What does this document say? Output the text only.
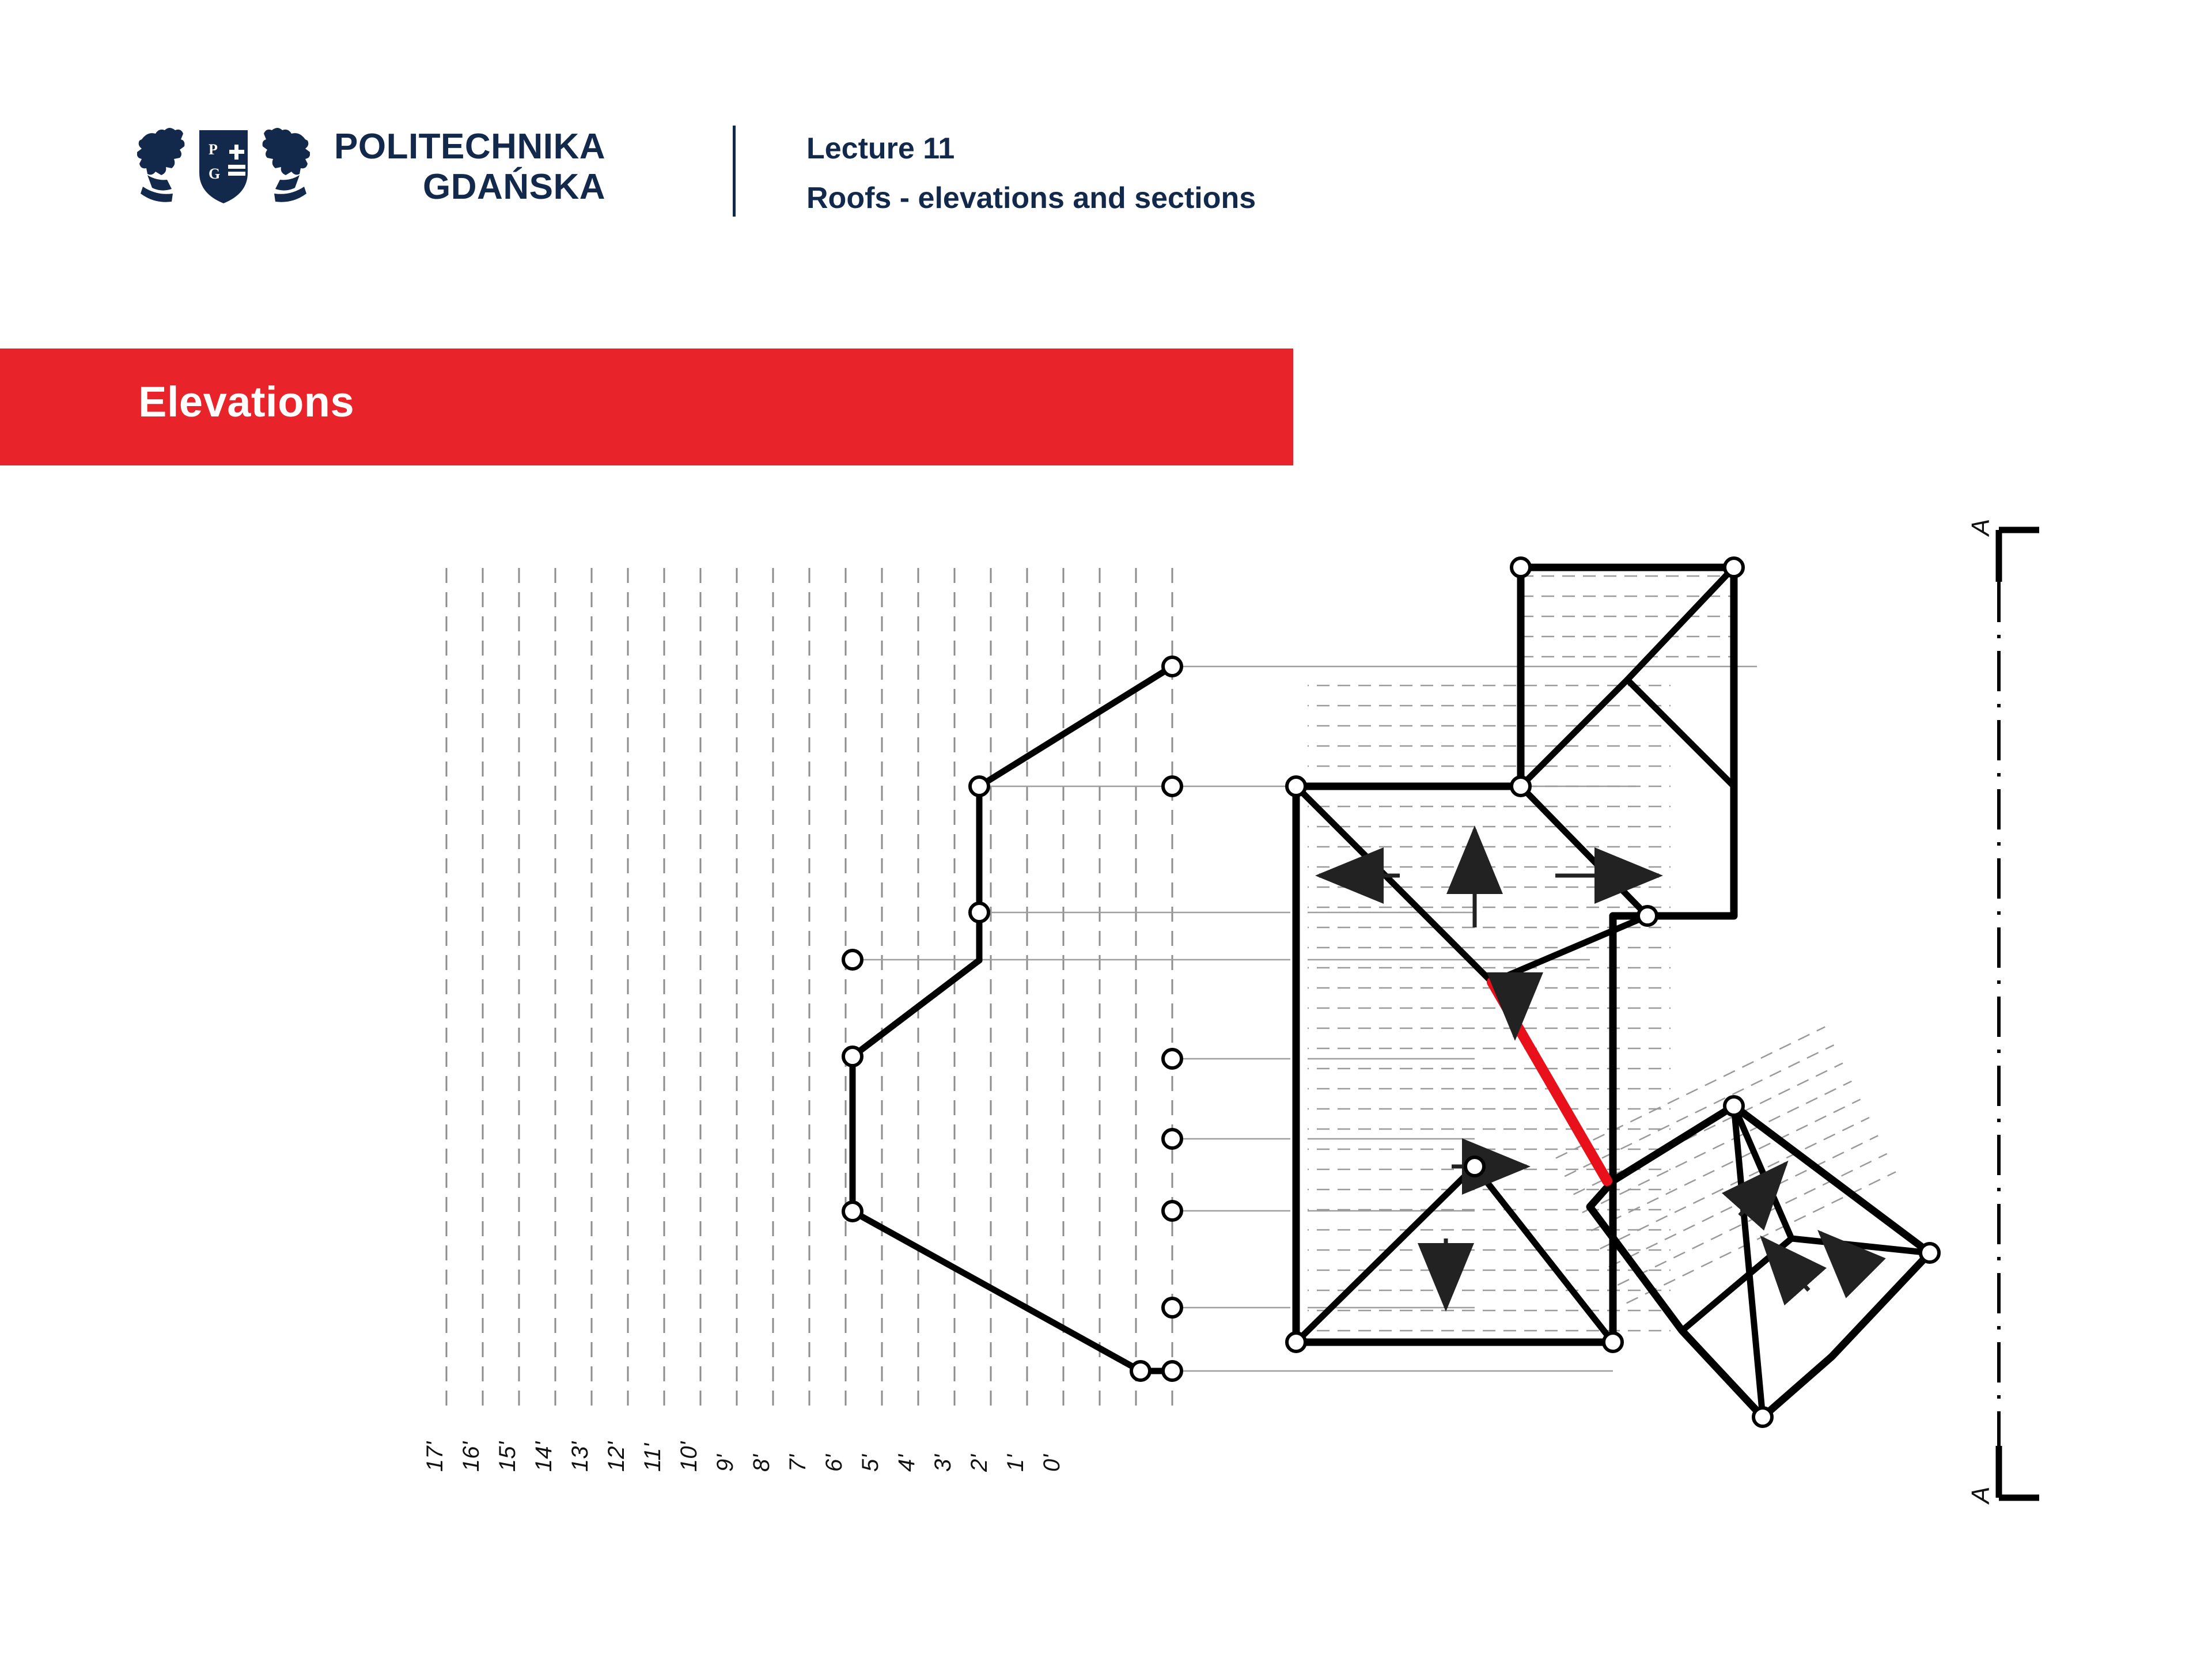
P
G
POLITECHNIKA
GDAŃSKA
Lecture 11
Roofs - elevations and sections
Elevations
17' 16' 15' 14' 13' 12' 11' 10' 9' 8' 7' 6' 5' 4' 3' 2' 1' 0'
A
A
